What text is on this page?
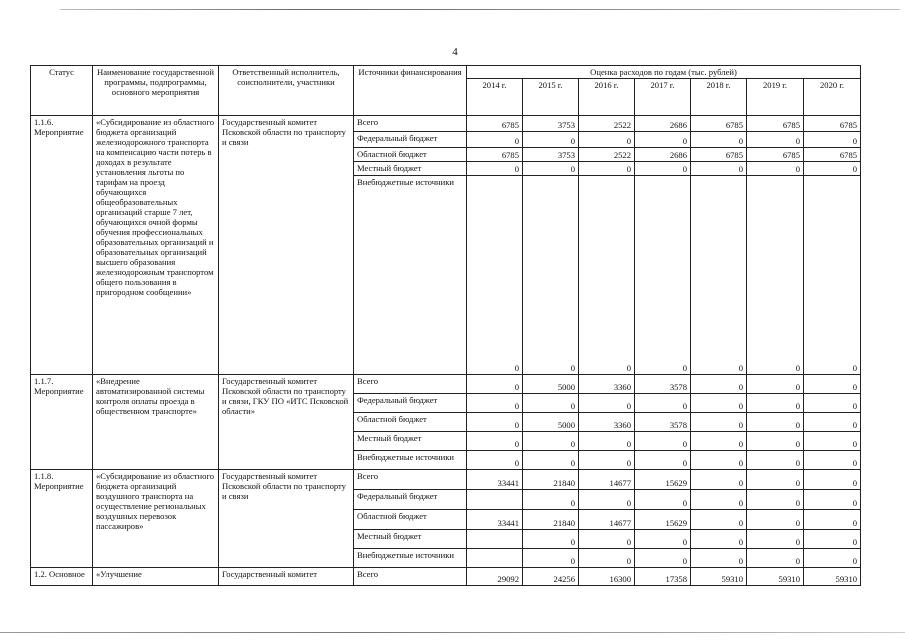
4
Статус	Наименование государственной программы, подпрограммы, основного мероприятия	Ответственный исполнитель, соисполнители, участники	Источники финансирования	Оценка расходов по годам (тыс. рублей)						
				2014 г.	2015 г.	2016 г.	2017 г.	2018 г.	2019 г.	2020 г.
1.1.6. Мероприятие	«Субсидирование из областного бюджета организаций железнодорожного транспорта на компенсацию части потерь в доходах в результате установления льготы по тарифам на проезд обучающихся общеобразовательных организаций старше 7 лет, обучающихся очной формы обучения профессиональных образовательных организаций и образовательных организаций высшего образования железнодорожным транспортом общего пользования в пригородном сообщении»	Государственный комитет Псковской области по транспорту и связи	Всего	6785	3753	2522	2686	6785	6785	6785
			Федеральный бюджет	0	0	0	0	0	0	0
			Областной бюджет	6785	3753	2522	2686	6785	6785	6785
			Местный бюджет	0	0	0	0	0	0	0
			Внебюджетные источники	0	0	0	0	0	0	0
1.1.7. Мероприятие	«Внедрение автоматизированной системы контроля оплаты проезда в общественном транспорте»	Государственный комитет Псковской области по транспорту и связи, ГКУ ПО «ИТС Псковской области»	Всего	0	5000	3360	3578	0	0	0
			Федеральный бюджет	0	0	0	0	0	0	0
			Областной бюджет	0	5000	3360	3578	0	0	0
			Местный бюджет	0	0	0	0	0	0	0
			Внебюджетные источники	0	0	0	0	0	0	0
1.1.8. Мероприятие	«Субсидирование из областного бюджета организаций воздушного транспорта на осуществление региональных воздушных перевозок пассажиров»	Государственный комитет Псковской области по транспорту и связи	Всего	33441	21840	14677	15629	0	0	0
			Федеральный бюджет		0	0	0	0	0	0
			Областной бюджет	33441	21840	14677	15629	0	0	0
			Местный бюджет		0	0	0	0	0	0
			Внебюджетные источники		0	0	0	0	0	0
1.2. Основное	«Улучшение	Государственный комитет	Всего	29092	24256	16300	17358	59310	59310	59310
